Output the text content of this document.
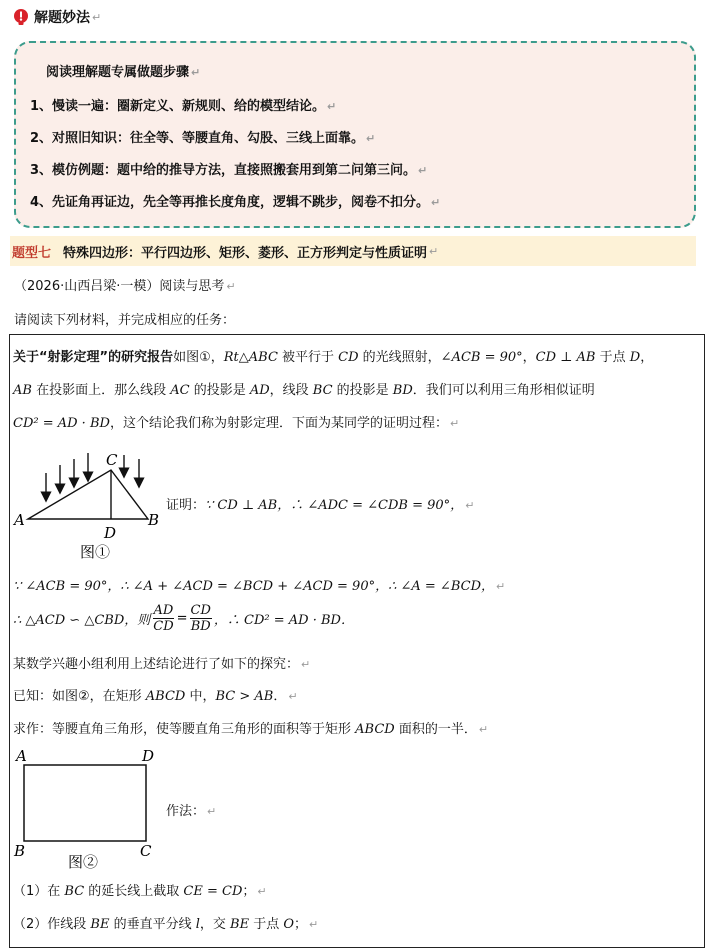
解题妙法 ↵
阅读理解题专属做题步骤 ↵
1、慢读一遍：圈新定义、新规则、给的模型结论。 ↵
2、对照旧知识：往全等、等腰直角、勾股、三线上面靠。 ↵
3、模仿例题：题中给的推导方法，直接照搬套用到第二问第三问。 ↵
4、先证角再证边，先全等再推长度角度，逻辑不跳步，阅卷不扣分。 ↵
题型七 特殊四边形：平行四边形、矩形、菱形、正方形判定与性质证明 ↵
（2026·山西吕梁·一模）阅读与思考 ↵
请阅读下列材料，并完成相应的任务：
关于“射影定理”的研究报告如图①，Rt△ABC 被平行于 CD 的光线照射，∠ACB = 90°，CD ⊥ AB 于点 D，
AB 在投影面上．那么线段 AC 的投影是 AD，线段 BC 的投影是 BD．我们可以利用三角形相似证明
CD² = AD · BD，这个结论我们称为射影定理．下面为某同学的证明过程： ↵
A	B
C
D
图①
证明：∵ CD ⊥ AB，∴ ∠ADC = ∠CDB = 90°， ↵
∵ ∠ACB = 90°，∴ ∠A + ∠ACD = ∠BCD + ∠ACD = 90°，∴ ∠A = ∠BCD， ↵
∴ △ACD ∽ △CBD，则 $\frac{AD}{CD} = \frac{CD}{BD}$ ，∴ CD² = AD · BD．
某数学兴趣小组利用上述结论进行了如下的探究： ↵
已知：如图②，在矩形 ABCD 中，BC > AB． ↵
求作：等腰直角三角形，使等腰直角三角形的面积等于矩形 ABCD 面积的一半． ↵
A	D
B	C
图②
作法： ↵
（1）在 BC 的延长线上截取 CE = CD； ↵
（2）作线段 BE 的垂直平分线 l，交 BE 于点 O； ↵
